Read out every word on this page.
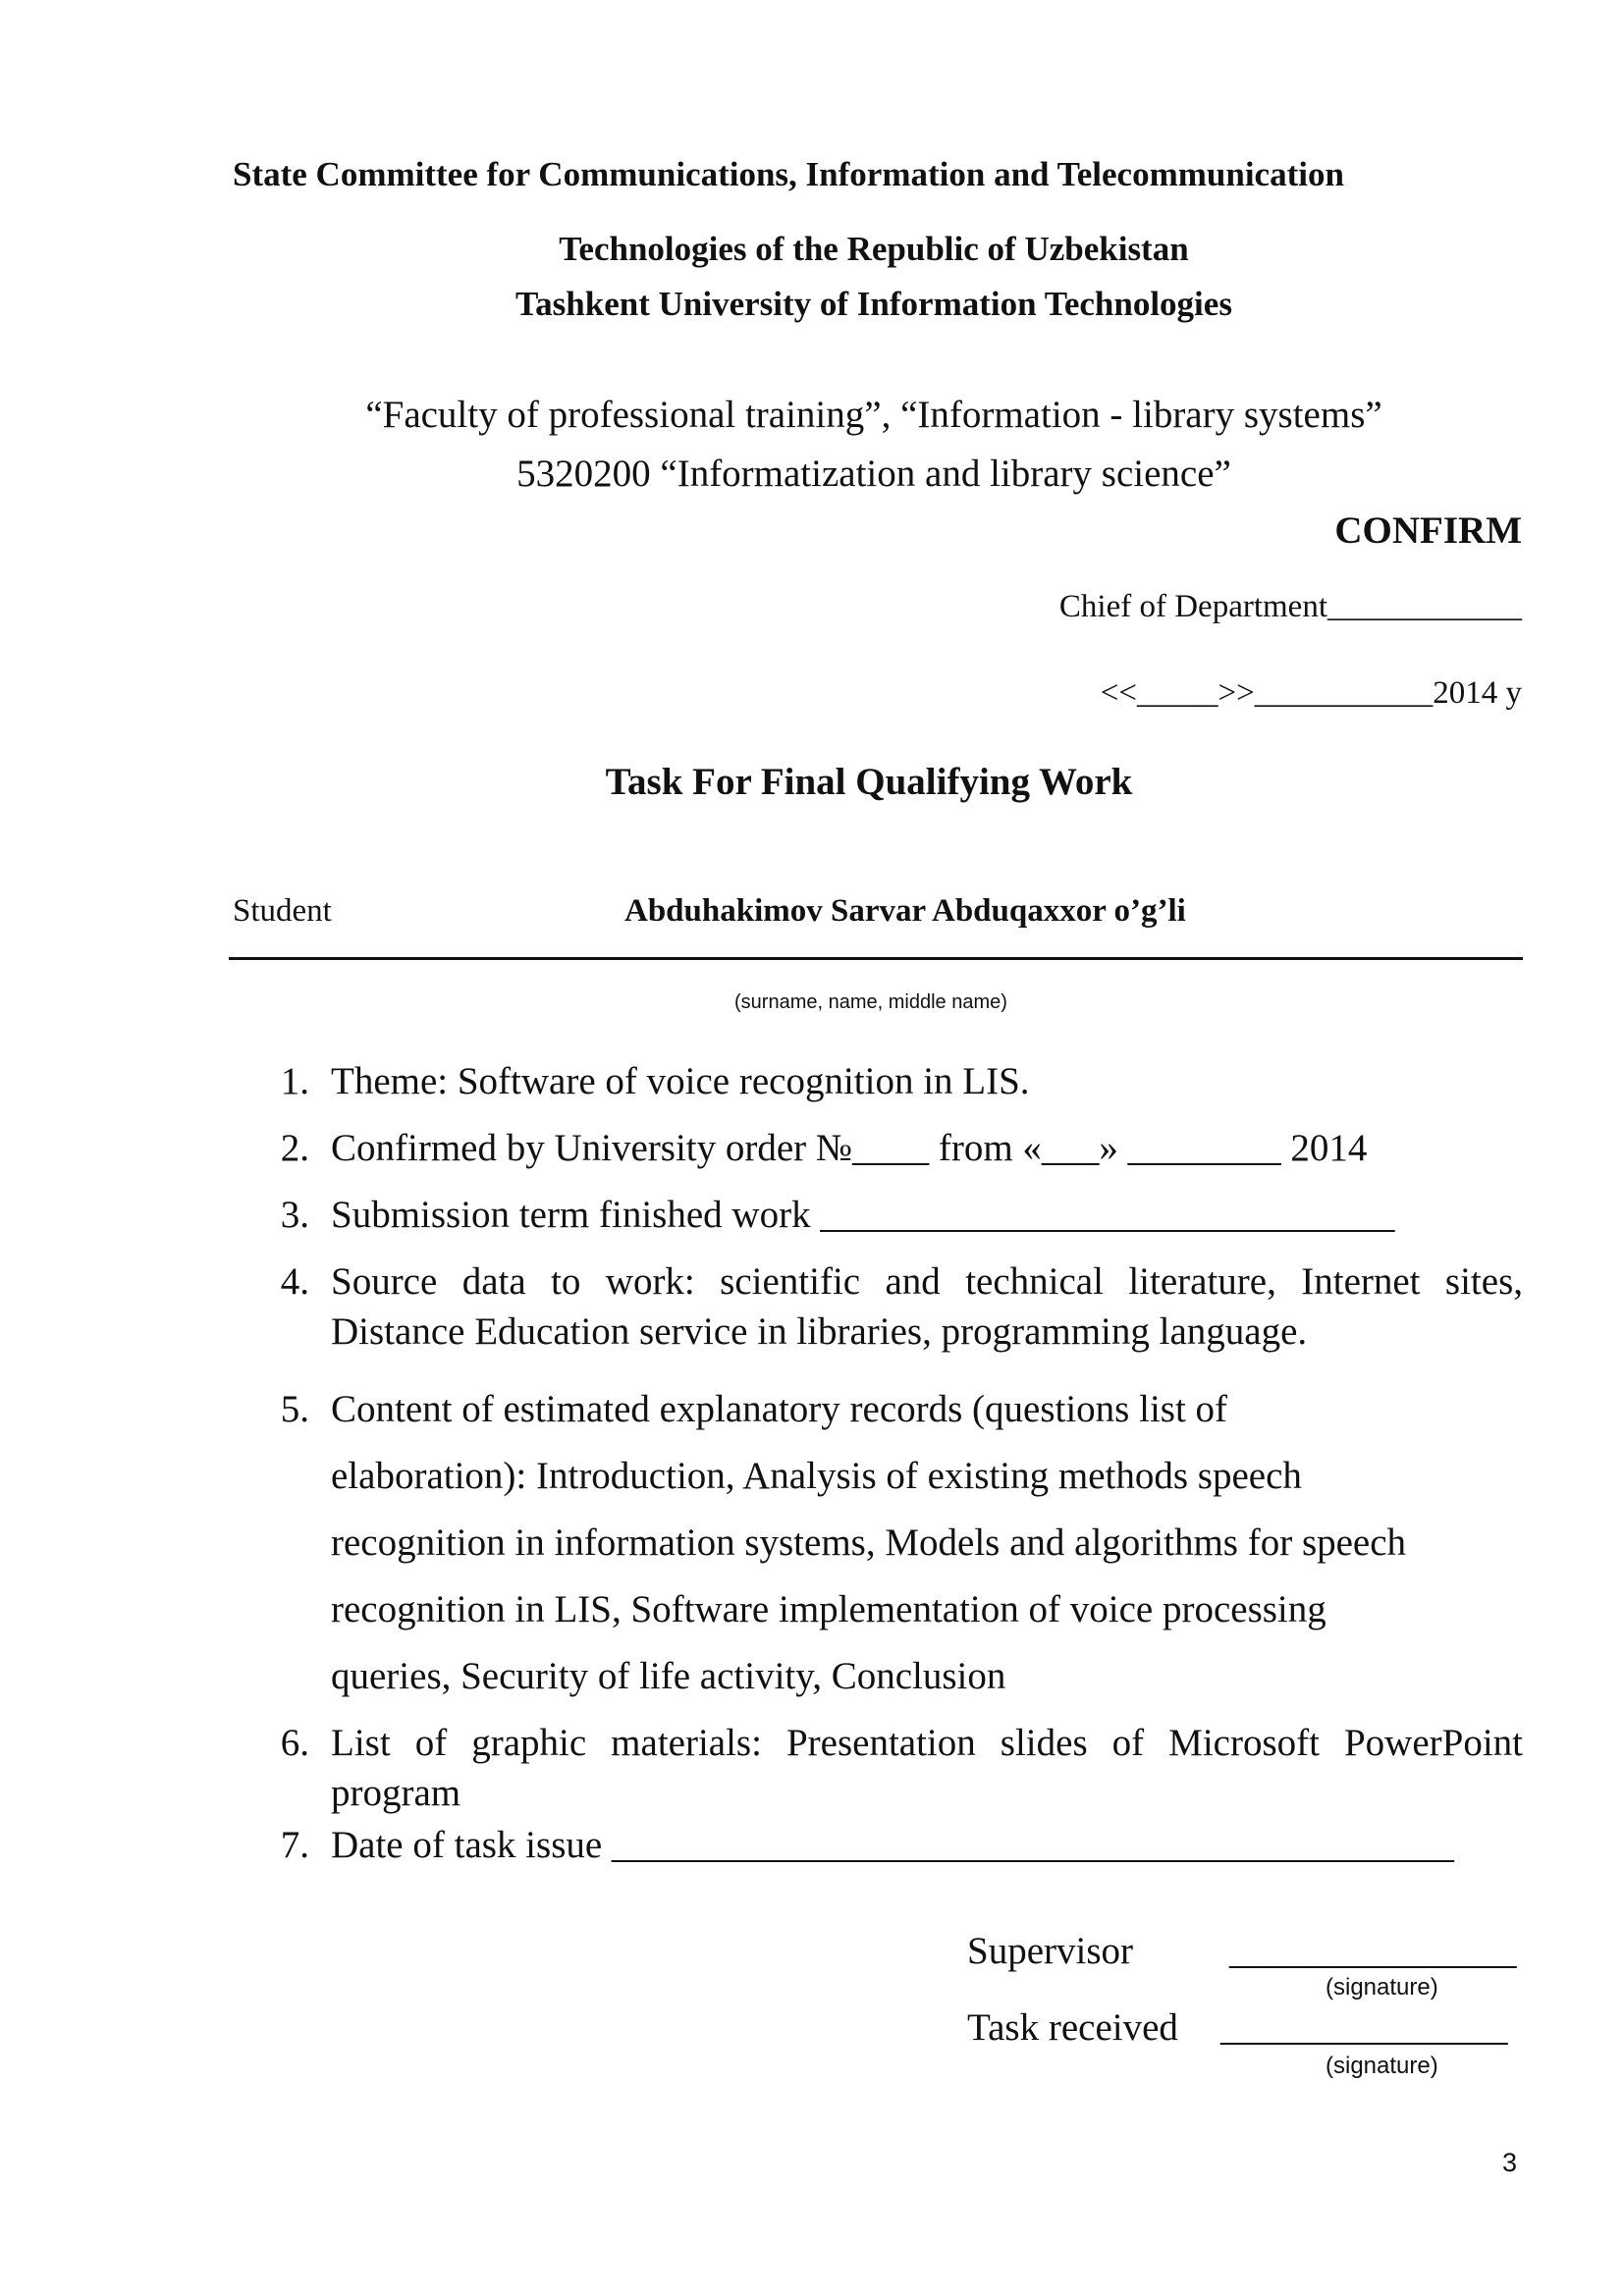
State Committee for Communications, Information and Telecommunication
Technologies of the Republic of Uzbekistan
Tashkent University of Information Technologies
“Faculty of professional training”, “Information - library systems”
5320200 “Informatization and library science”
CONFIRM
Chief of Department____________
<<_____>>___________2014 y
Task For Final Qualifying Work
Student	Abduhakimov Sarvar Abduqaxxor o’g’li
(surname, name, middle name)
1. Theme: Software of voice recognition in LIS.
2. Confirmed by University order №____ from «___» ________ 2014
3. Submission term finished work ______________________________
4. Source data to work: scientific and technical literature, Internet sites,
Distance Education service in libraries, programming language.
5. Content of estimated explanatory records (questions list of
elaboration): Introduction, Analysis of existing methods speech
recognition in information systems, Models and algorithms for speech
recognition in LIS, Software implementation of voice processing
queries, Security of life activity, Conclusion
6. List of graphic materials: Presentation slides of Microsoft PowerPoint
program
7. Date of task issue ____________________________________________
Supervisor	_______________
(signature)
Task received _______________
(signature)
3
